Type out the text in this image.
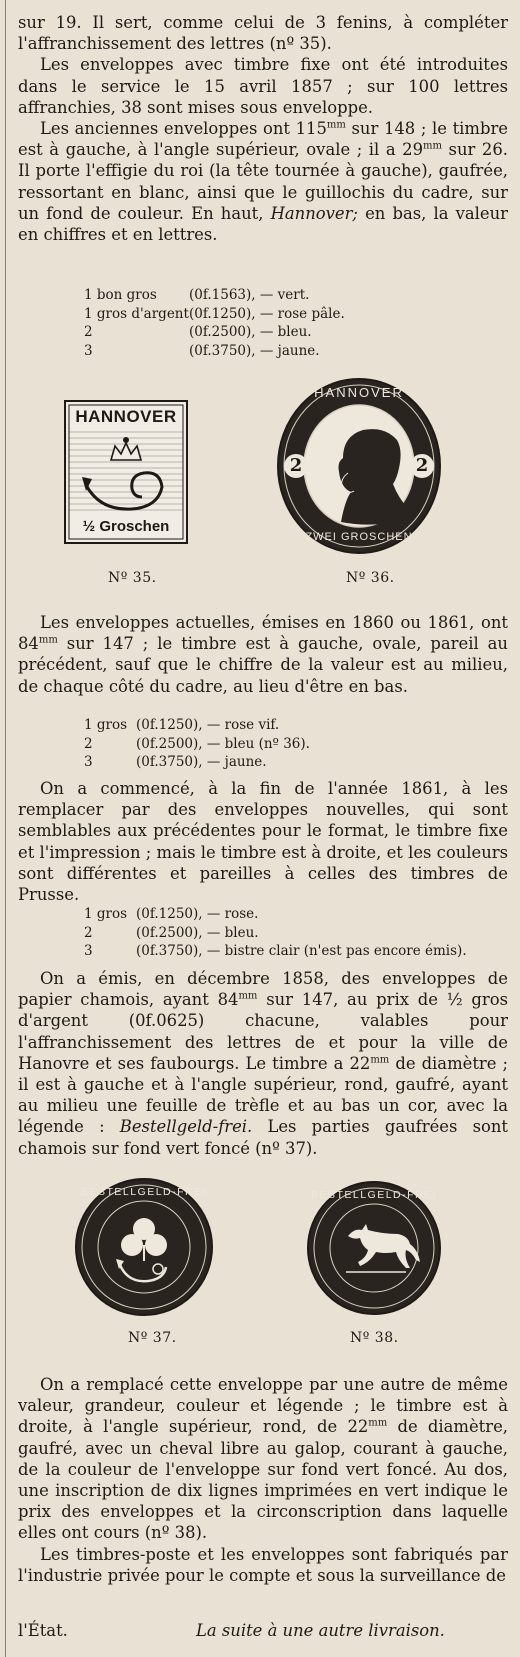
sur 19. Il sert, comme celui de 3 fenins, à compléter l'affranchissement des lettres (nº 35).

Les enveloppes avec timbre fixe ont été introduites dans le service le 15 avril 1857 ; sur 100 lettres affranchies, 38 sont mises sous enveloppe.

Les anciennes enveloppes ont $115^{mm}$ sur 148 ; le timbre est à gauche, à l'angle supérieur, ovale ; il a $29^{mm}$ sur 26. Il porte l'effigie du roi (la tête tournée à gauche), gaufrée, ressortant en blanc, ainsi que le guillochis du cadre, sur un fond de couleur. En haut, Hannover; en bas, la valeur en chiffres et en lettres.

1 bon gros (0f.1563), — vert.
1 gros d'argent(0f.1250), — rose pâle.
2	(0f.2500), — bleu.
3	(0f.3750), — jaune.
HANNOVER
½ Groschen
Nº 35.
2	2
HANNOVER
ZWEI GROSCHEN
Nº 36.

Les enveloppes actuelles, émises en 1860 ou 1861, ont $84^{mm}$ sur 147 ; le timbre est à gauche, ovale, pareil au précédent, sauf que le chiffre de la valeur est au milieu, de chaque côté du cadre, au lieu d'être en bas.

1 gros (0f.1250), — rose vif.
2	(0f.2500), — bleu (nº 36).
3	(0f.3750), — jaune.

On a commencé, à la fin de l'année 1861, à les remplacer par des enveloppes nouvelles, qui sont semblables aux précédentes pour le format, le timbre fixe et l'impression ; mais le timbre est à droite, et les couleurs sont différentes et pareilles à celles des timbres de Prusse.

1 gros (0f.1250), — rose.
2	(0f.2500), — bleu.
3	(0f.3750), — bistre clair (n'est pas encore émis).

On a émis, en décembre 1858, des enveloppes de papier chamois, ayant $84^{mm}$ sur 147, au prix de ½ gros d'argent (0f.0625) chacune, valables pour l'affranchissement des lettres de et pour la ville de Hanovre et ses faubourgs. Le timbre a $22^{mm}$ de diamètre ; il est à gauche et à l'angle supérieur, rond, gaufré, ayant au milieu une feuille de trèfle et au bas un cor, avec la légende : Bestellgeld-frei. Les parties gaufrées sont chamois sur fond vert foncé (nº 37).

BESTELLGELD-FREI
Nº 37.
BESTELLGELD-FREI
Nº 38.

On a remplacé cette enveloppe par une autre de même valeur, grandeur, couleur et légende ; le timbre est à droite, à l'angle supérieur, rond, de $22^{mm}$ de diamètre, gaufré, avec un cheval libre au galop, courant à gauche, de la couleur de l'enveloppe sur fond vert foncé. Au dos, une inscription de dix lignes imprimées en vert indique le prix des enveloppes et la circonscription dans laquelle elles ont cours (nº 38).

Les timbres-poste et les enveloppes sont fabriqués par l'industrie privée pour le compte et sous la surveillance de

l'État.	La suite à une autre livraison.
